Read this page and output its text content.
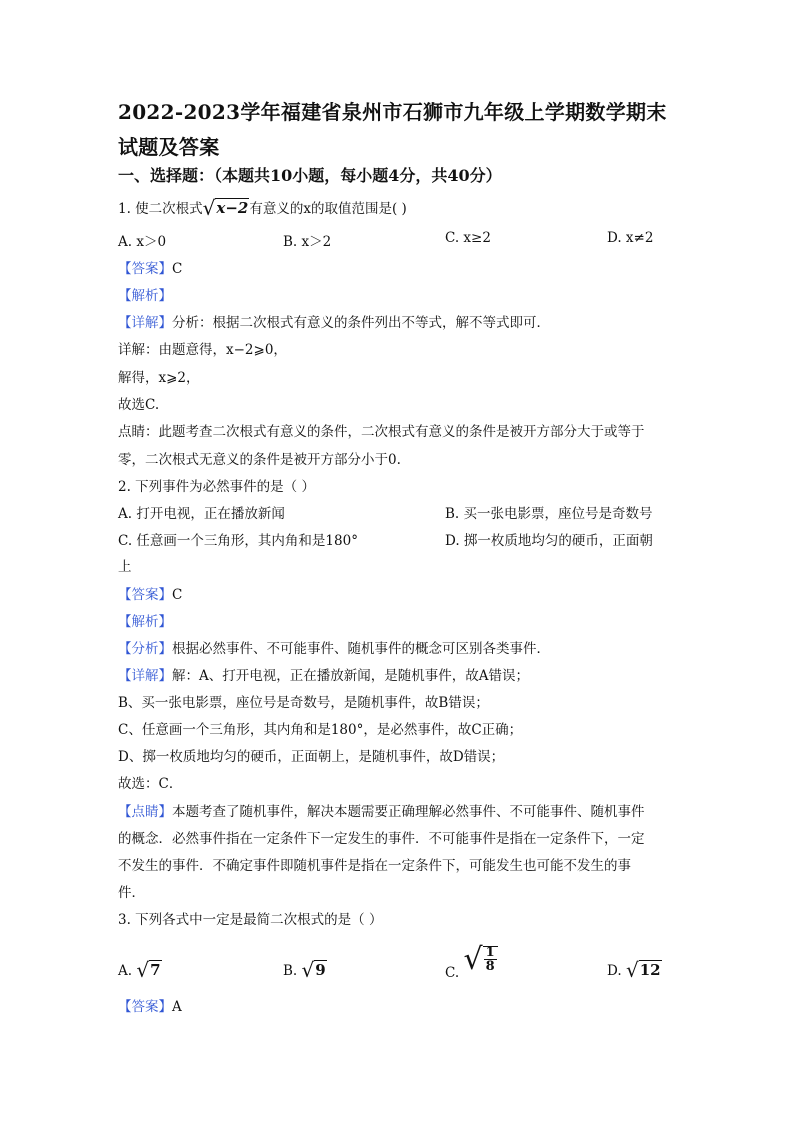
2022-2023学年福建省泉州市石狮市九年级上学期数学期末
试题及答案
一、选择题：（本题共10小题，每小题4分，共40分）
1. 使二次根式√x−2有意义的x的取值范围是( )
A. x＞0	B. x＞2	C. x≥2	D. x≠2
【答案】C
【解析】
【详解】分析：根据二次根式有意义的条件列出不等式，解不等式即可．
详解：由题意得，x−2⩾0，
解得，x⩾2，
故选C.
点睛：此题考查二次根式有意义的条件，二次根式有意义的条件是被开方部分大于或等于
零，二次根式无意义的条件是被开方部分小于0.
2. 下列事件为必然事件的是（ ）
A. 打开电视，正在播放新闻	B. 买一张电影票，座位号是奇数号
C. 任意画一个三角形，其内角和是180°	D. 掷一枚质地均匀的硬币，正面朝
上
【答案】C
【解析】
【分析】根据必然事件、不可能事件、随机事件的概念可区别各类事件．
【详解】解：A、打开电视，正在播放新闻，是随机事件，故A错误；
B、买一张电影票，座位号是奇数号，是随机事件，故B错误；
C、任意画一个三角形，其内角和是180°，是必然事件，故C正确；
D、掷一枚质地均匀的硬币，正面朝上，是随机事件，故D错误；
故选：C．
【点睛】本题考查了随机事件，解决本题需要正确理解必然事件、不可能事件、随机事件
的概念．必然事件指在一定条件下一定发生的事件．不可能事件是指在一定条件下，一定
不发生的事件．不确定事件即随机事件是指在一定条件下，可能发生也可能不发生的事
件．
3. 下列各式中一定是最简二次根式的是（ ）
A. √7	B. √9	C. √ $\frac{1}{8}$	D. √12
【答案】A
